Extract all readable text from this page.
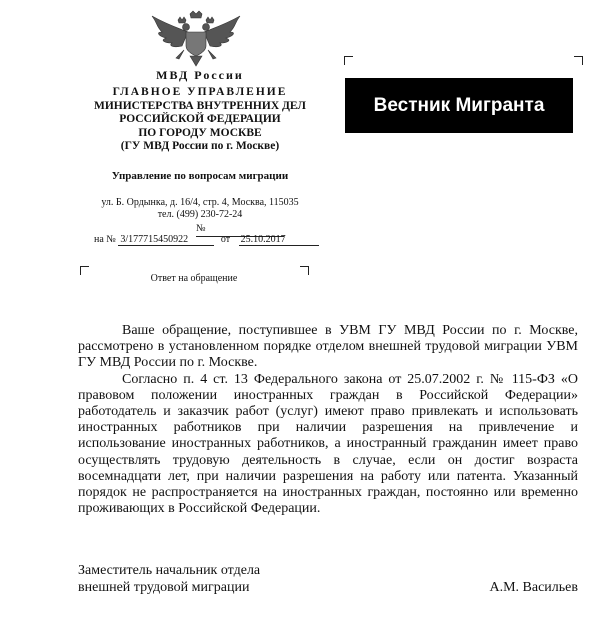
МВД России
ГЛАВНОЕ УПРАВЛЕНИЕ
МИНИСТЕРСТВА ВНУТРЕННИХ ДЕЛ
РОССИЙСКОЙ ФЕДЕРАЦИИ
ПО ГОРОДУ МОСКВЕ
(ГУ МВД России по г. Москве)
Управление по вопросам миграции
ул. Б. Ордынка, д. 16/4, стр. 4, Москва, 115035
тел. (499) 230-72-24
№
на № 3/177715450922	от 25.10.2017
Ответ на обращение
Вестник Мигранта

Ваше обращение, поступившее в УВМ ГУ МВД России по г. Москве, рассмотрено в установленном порядке отделом внешней трудовой миграции УВМ ГУ МВД России по г. Москве.

Согласно п. 4 ст. 13 Федерального закона от 25.07.2002 г. № 115-ФЗ «О правовом положении иностранных граждан в Российской Федерации» работодатель и заказчик работ (услуг) имеют право привлекать и использовать иностранных работников при наличии разрешения на привлечение и использование иностранных работников, а иностранный гражданин имеет право осуществлять трудовую деятельность в случае, если он достиг возраста восемнадцати лет, при наличии разрешения на работу или патента. Указанный порядок не распространяется на иностранных граждан, постоянно или временно проживающих в Российской Федерации.

Заместитель начальник отдела
внешней трудовой миграции	А.М. Васильев
